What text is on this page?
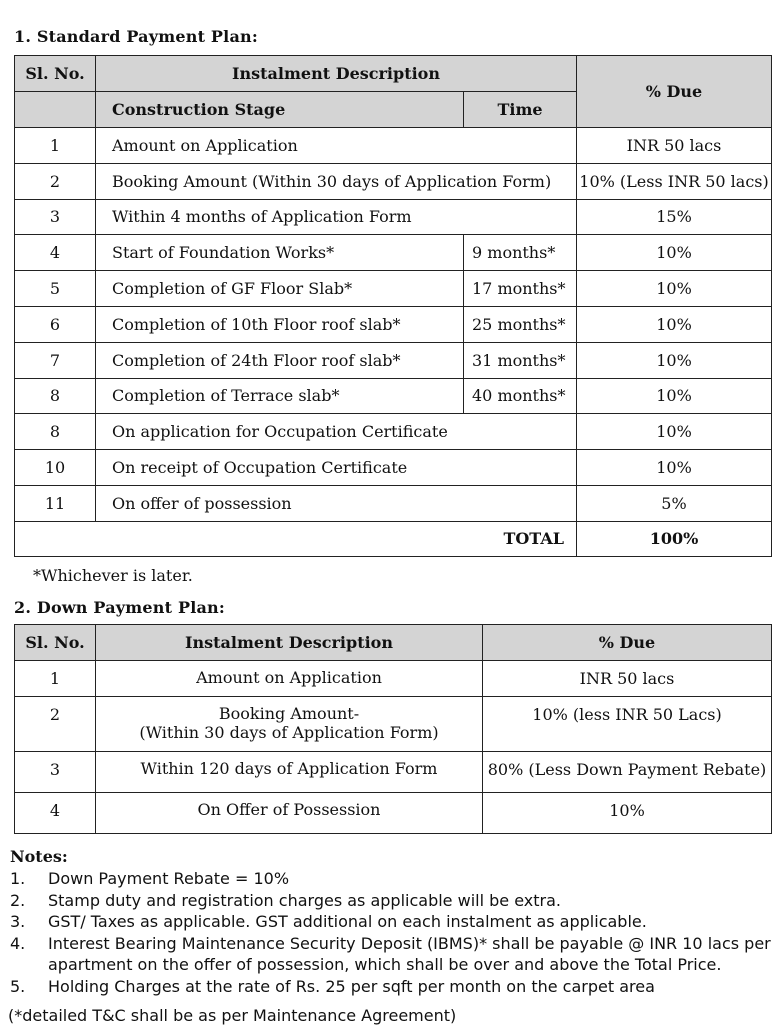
1. Standard Payment Plan:
Sl. No.	Instalment Description		% Due
	Construction Stage	Time	
1	Amount on Application		INR 50 lacs
2	Booking Amount (Within 30 days of Application Form)		10% (Less INR 50 lacs)
3	Within 4 months of Application Form		15%
4	Start of Foundation Works*	9 months*	10%
5	Completion of GF Floor Slab*	17 months*	10%
6	Completion of 10th Floor roof slab*	25 months*	10%
7	Completion of 24th Floor roof slab*	31 months*	10%
8	Completion of Terrace slab*	40 months*	10%
8	On application for Occupation Certificate		10%
10	On receipt of Occupation Certificate		10%
11	On offer of possession		5%
TOTAL			100%
*Whichever is later.
2. Down Payment Plan:
Sl. No.	Instalment Description	% Due
1	Amount on Application	INR 50 lacs
2	Booking Amount-
(Within 30 days of Application Form)	10% (less INR 50 Lacs)
3	Within 120 days of Application Form	80% (Less Down Payment Rebate)
4	On Offer of Possession	10%
Notes:
1.	Down Payment Rebate = 10%
2.	Stamp duty and registration charges as applicable will be extra.
3.	GST/ Taxes as applicable. GST additional on each instalment as applicable.
4.	Interest Bearing Maintenance Security Deposit (IBMS)* shall be payable @ INR 10 lacs per apartment on the offer of possession, which shall be over and above the Total Price.
5.	Holding Charges at the rate of Rs. 25 per sqft per month on the carpet area
(*detailed T&C shall be as per Maintenance Agreement)
